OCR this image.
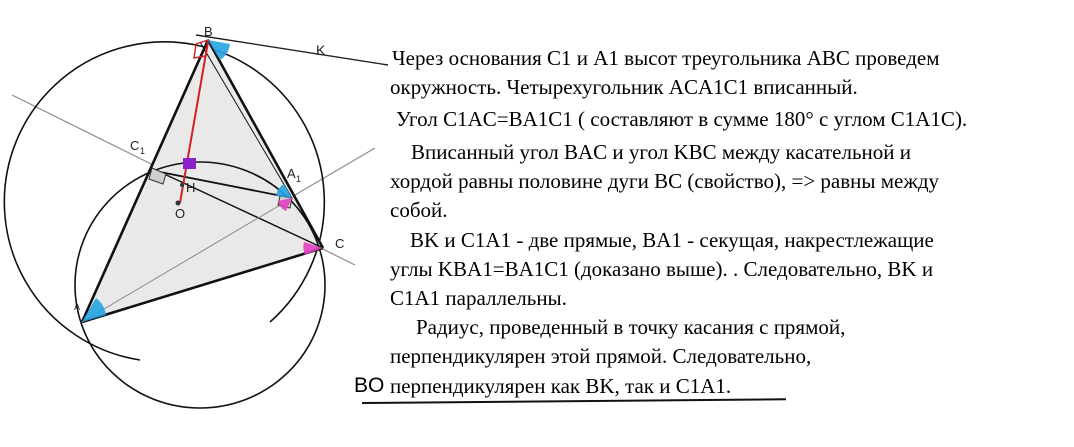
B
K
C 1
A 1
H
O
C
A
Через основания C1 и A1 высот треугольника ABC проведем
окружность. Четырехугольник ACA1C1 вписанный.
Угол C1AC=BA1C1 ( составляют в сумме 180° с углом C1A1C).
Вписанный угол BAC и угол KBC между касательной и
хордой равны половине дуги BC (свойство), => равны между
собой.
BK и C1A1 - две прямые, BA1 - секущая, накрестлежащие
углы KBA1=BA1C1 (доказано выше). . Следовательно, BK и
C1A1 параллельны.
Радиус, проведенный в точку касания с прямой,
перпендикулярен этой прямой. Следовательно,
перпендикулярен как BK, так и C1A1.
BO
